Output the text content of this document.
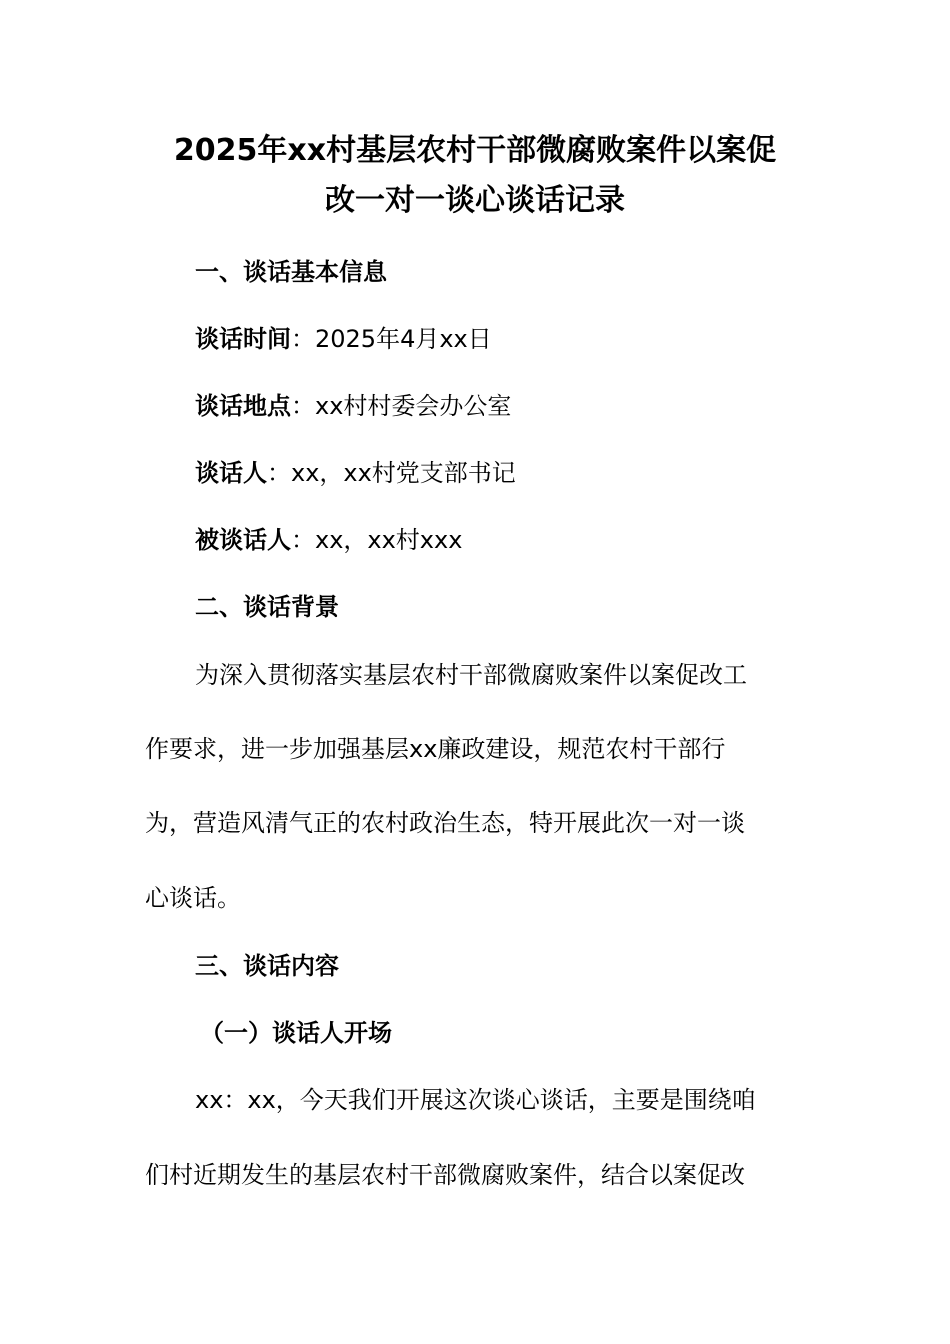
2025年xx村基层农村干部微腐败案件以案促
改一对一谈心谈话记录
一、谈话基本信息
谈话时间：2025年4月xx日
谈话地点：xx村村委会办公室
谈话人：xx，xx村党支部书记
被谈话人：xx，xx村xxx
二、谈话背景
为深入贯彻落实基层农村干部微腐败案件以案促改工
作要求，进一步加强基层xx廉政建设，规范农村干部行
为，营造风清气正的农村政治生态，特开展此次一对一谈
心谈话。
三、谈话内容
（一）谈话人开场
xx：xx，今天我们开展这次谈心谈话，主要是围绕咱
们村近期发生的基层农村干部微腐败案件，结合以案促改
